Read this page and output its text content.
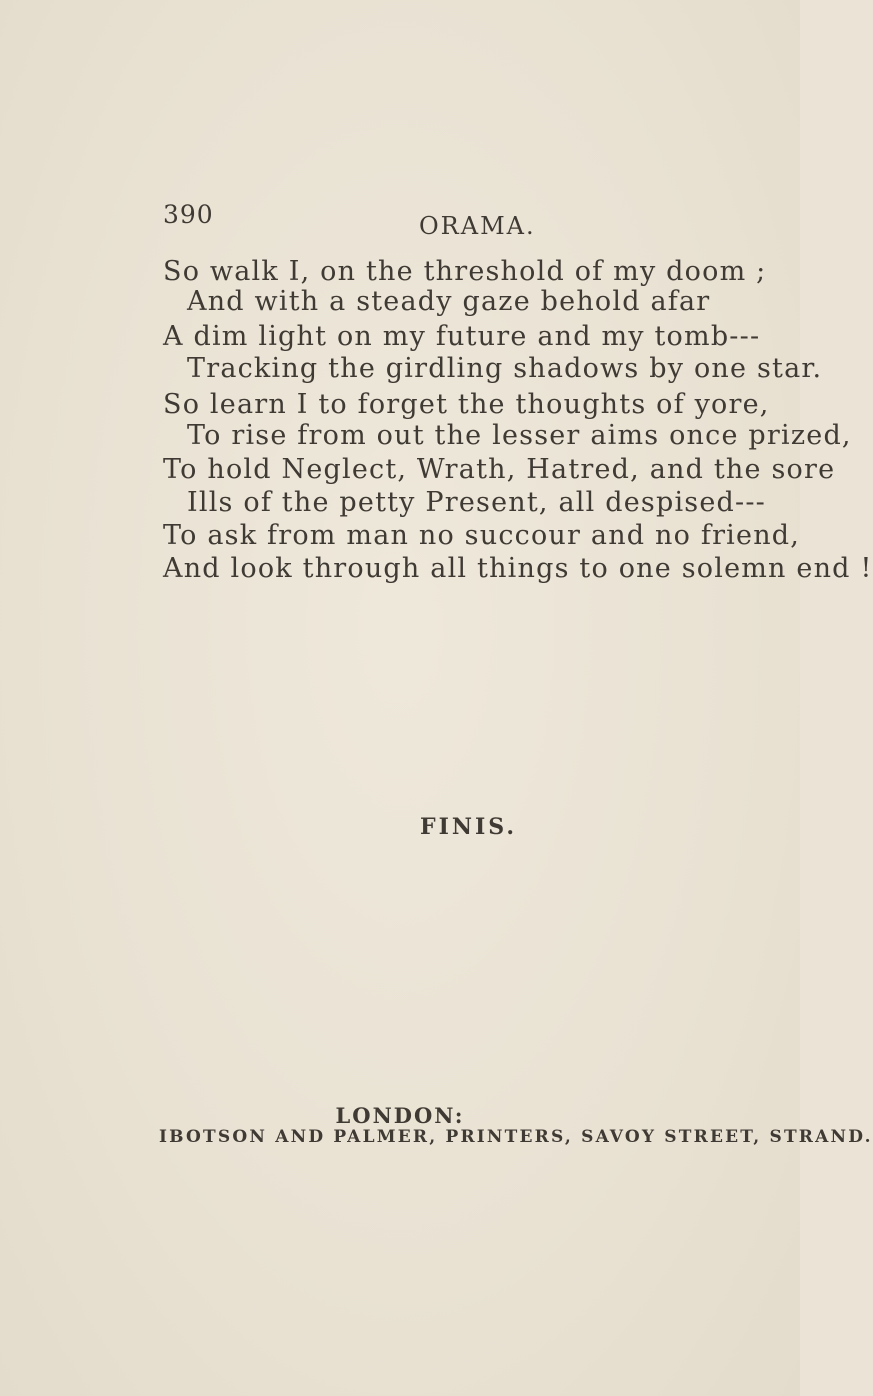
390	ORAMA.
So walk I, on the threshold of my doom ;
And with a steady gaze behold afar
A dim light on my future and my tomb---
Tracking the girdling shadows by one star.
So learn I to forget the thoughts of yore,
To rise from out the lesser aims once prized,
To hold Neglect, Wrath, Hatred, and the sore
Ills of the petty Present, all despised---
To ask from man no succour and no friend,
And look through all things to one solemn end !
FINIS.
LONDON:
IBOTSON AND PALMER, PRINTERS, SAVOY STREET, STRAND.
